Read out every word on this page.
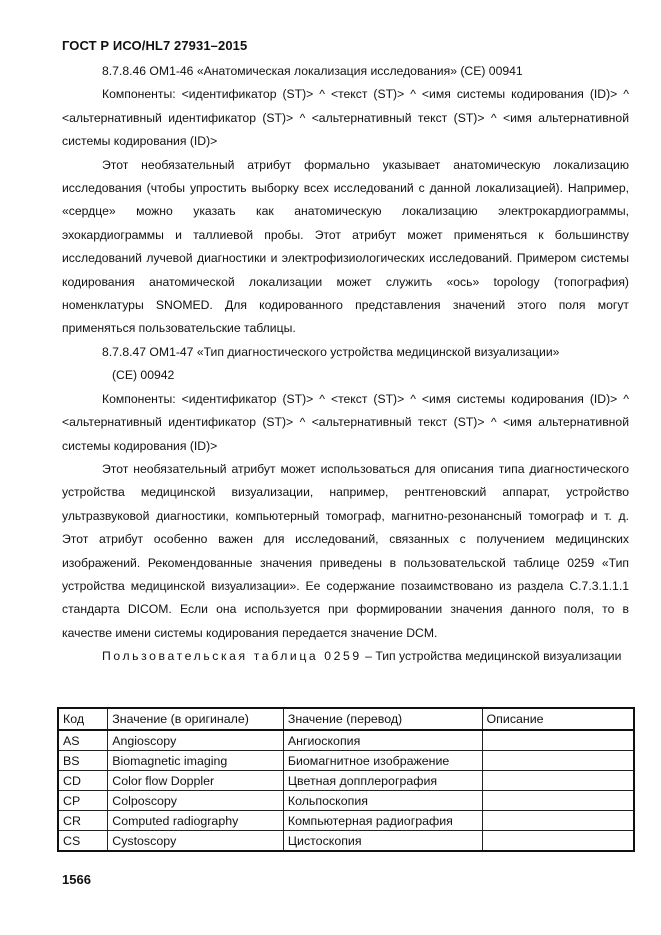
ГОСТ Р ИСО/HL7 27931–2015

8.7.8.46 OM1-46 «Анатомическая локализация исследования» (CE) 00941

Компоненты: <идентификатор (ST)> ^ <текст (ST)> ^ <имя системы кодирования (ID)> ^ <альтернативный идентификатор (ST)> ^ <альтернативный текст (ST)> ^ <имя альтернативной системы кодирования (ID)>

Этот необязательный атрибут формально указывает анатомическую локализацию исследования (чтобы упростить выборку всех исследований с данной локализацией). Например, «сердце» можно указать как анатомическую локализацию электрокардиограммы, эхокардиограммы и таллиевой пробы. Этот атрибут может применяться к большинству исследований лучевой диагностики и электрофизиологических исследований. Примером системы кодирования анатомической локализации может служить «ось» topology (топография) номенклатуры SNOMED. Для кодированного представления значений этого поля могут применяться пользовательские таблицы.

8.7.8.47 OM1-47 «Тип диагностического устройства медицинской визуализации»
(CE) 00942

Компоненты: <идентификатор (ST)> ^ <текст (ST)> ^ <имя системы кодирования (ID)> ^ <альтернативный идентификатор (ST)> ^ <альтернативный текст (ST)> ^ <имя альтернативной системы кодирования (ID)>

Этот необязательный атрибут может использоваться для описания типа диагностического устройства медицинской визуализации, например, рентгеновский аппарат, устройство ультразвуковой диагностики, компьютерный томограф, магнитно-резонансный томограф и т. д. Этот атрибут особенно важен для исследований, связанных с получением медицинских изображений. Рекомендованные значения приведены в пользовательской таблице 0259 «Тип устройства медицинской визуализации». Ее содержание позаимствовано из раздела C.7.3.1.1.1 стандарта DICOM. Если она используется при формировании значения данного поля, то в качестве имени системы кодирования передается значение DCM.

Пользовательская таблица 0259 – Тип устройства медицинской визуализации

Код	Значение (в оригинале)	Значение (перевод)	Описание
AS	Angioscopy	Ангиоскопия	
BS	Biomagnetic imaging	Биомагнитное изображение	
CD	Color flow Doppler	Цветная допплерография	
CP	Colposcopy	Кольпоскопия	
CR	Computed radiography	Компьютерная радиография	
CS	Cystoscopy	Цистоскопия	
1566
